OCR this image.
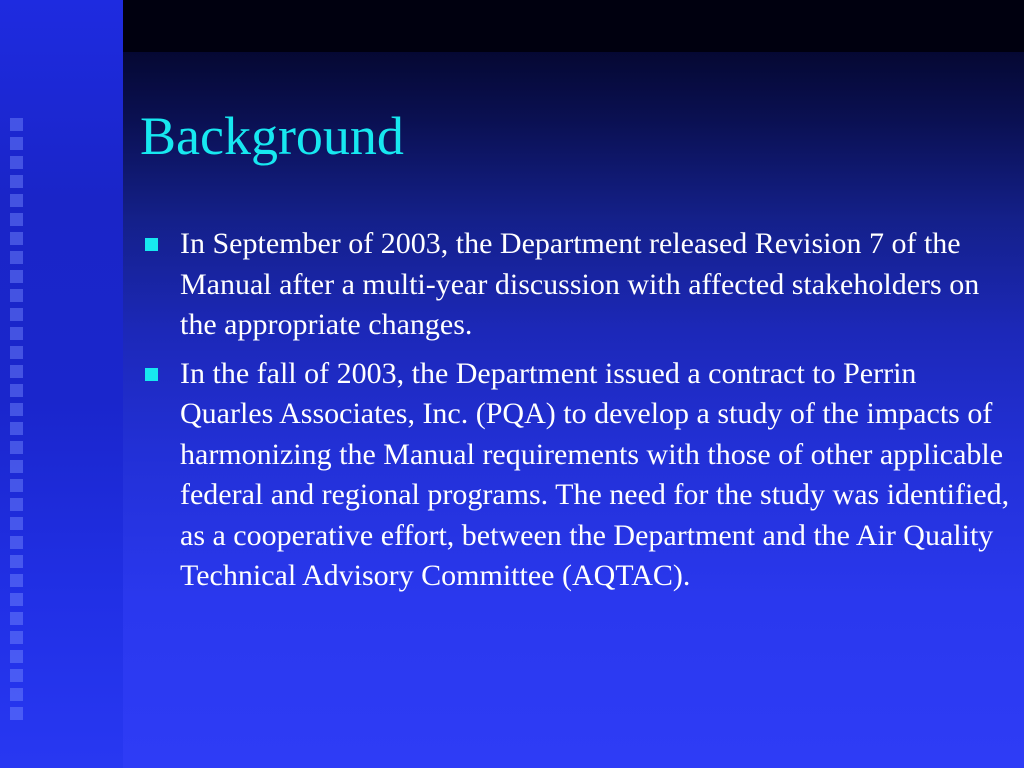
Background
In September of 2003, the Department released Revision 7 of the Manual after a multi-year discussion with affected stakeholders on the appropriate changes.
In the fall of 2003, the Department issued a contract to Perrin Quarles Associates, Inc. (PQA) to develop a study of the impacts of harmonizing the Manual requirements with those of other applicable federal and regional programs. The need for the study was identified, as a cooperative effort, between the Department and the Air Quality Technical Advisory Committee (AQTAC).
